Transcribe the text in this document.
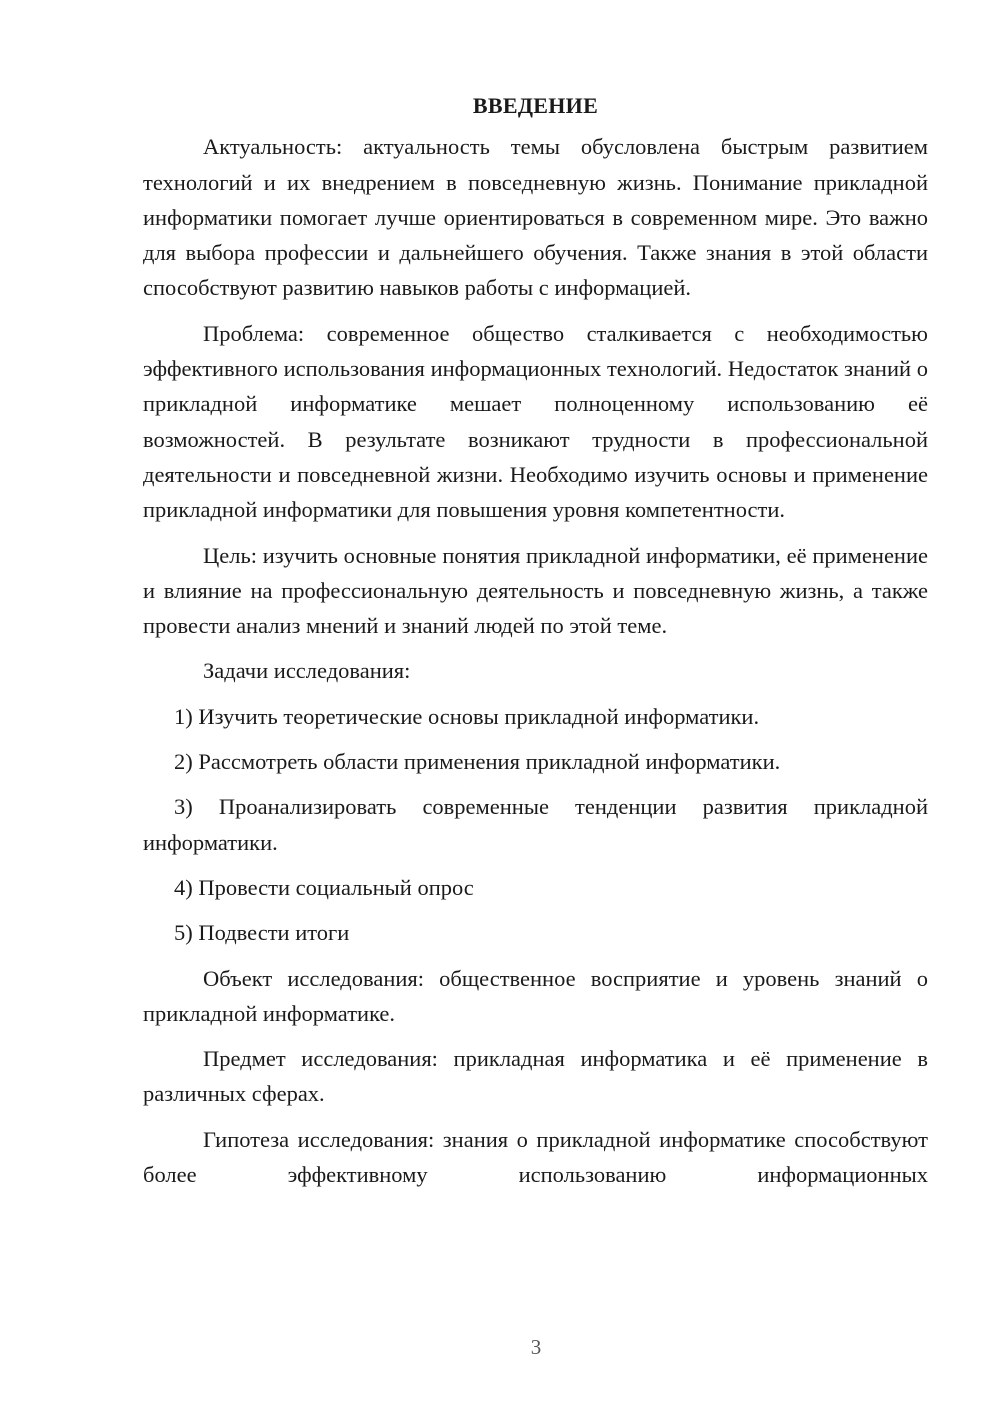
ВВЕДЕНИЕ

Актуальность: актуальность темы обусловлена быстрым развитием технологий и их внедрением в повседневную жизнь. Понимание прикладной информатики помогает лучше ориентироваться в современном мире. Это важно для выбора профессии и дальнейшего обучения. Также знания в этой области способствуют развитию навыков работы с информацией.

Проблема: современное общество сталкивается с необходимостью эффективного использования информационных технологий. Недостаток знаний о прикладной информатике мешает полноценному использованию её возможностей. В результате возникают трудности в профессиональной деятельности и повседневной жизни. Необходимо изучить основы и применение прикладной информатики для повышения уровня компетентности.

Цель: изучить основные понятия прикладной информатики, её применение и влияние на профессиональную деятельность и повседневную жизнь, а также провести анализ мнений и знаний людей по этой теме.

Задачи исследования:

1) Изучить теоретические основы прикладной информатики.

2) Рассмотреть области применения прикладной информатики.

3) Проанализировать современные тенденции развития прикладной информатики.

4) Провести социальный опрос

5) Подвести итоги

Объект исследования: общественное восприятие и уровень знаний о прикладной информатике.

Предмет исследования: прикладная информатика и её применение в различных сферах.

Гипотеза исследования: знания о прикладной информатике способствуют более эффективному использованию информационных

3
